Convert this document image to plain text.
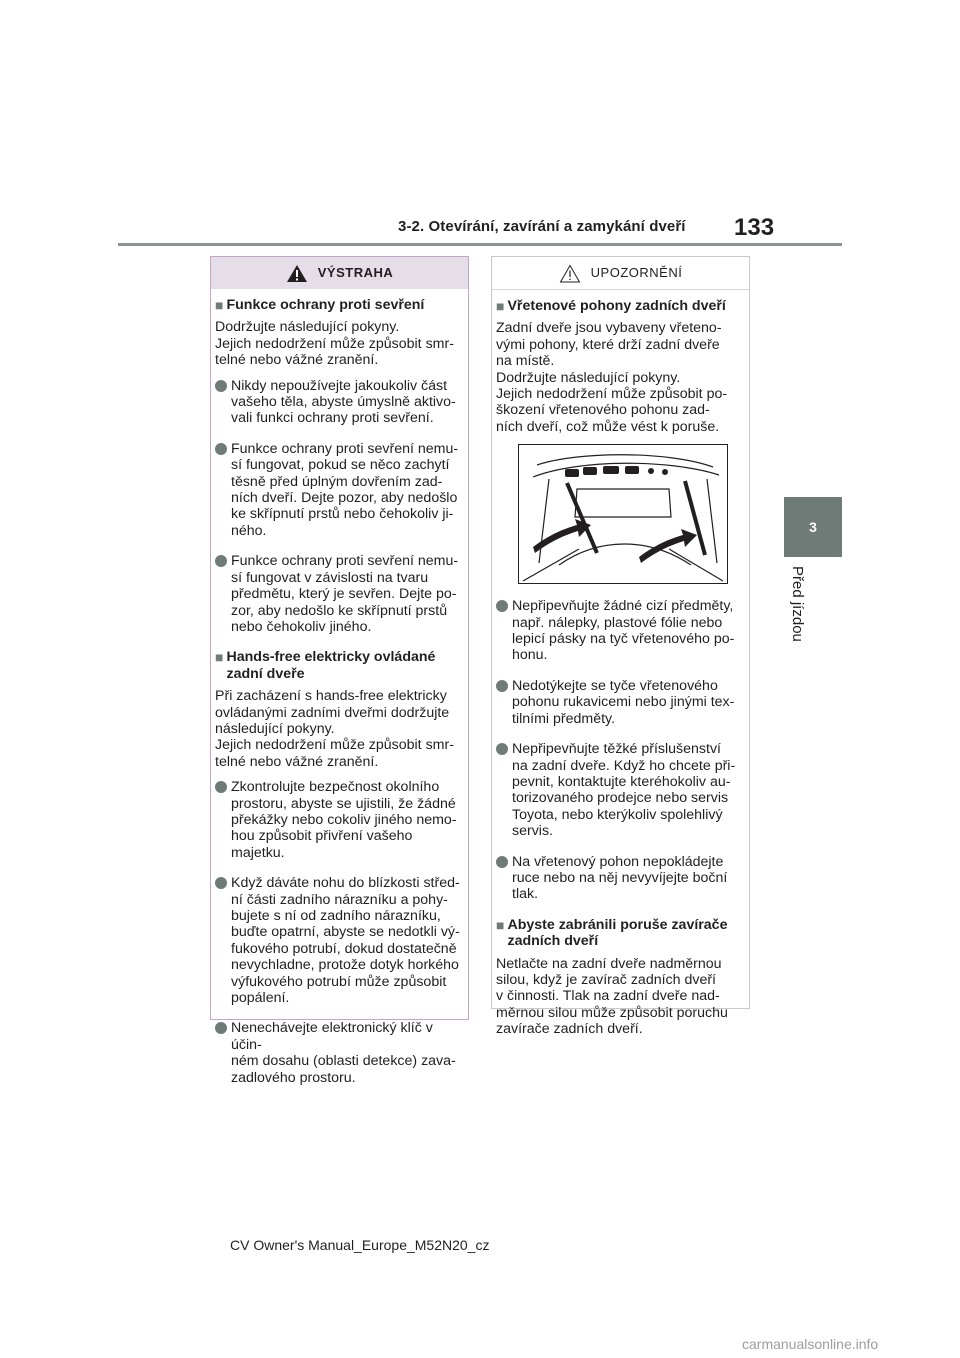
3-2. Otevírání, zavírání a zamykání dveří 133
3
Před jízdou
VÝSTRAHA
■ Funkce ochrany proti sevření
Dodržujte následující pokyny.
Jejich nedodržení může způsobit smr-
telné nebo vážné zranění.
Nikdy nepoužívejte jakoukoliv část
vašeho těla, abyste úmyslně aktivo-
vali funkci ochrany proti sevření.
Funkce ochrany proti sevření nemu-
sí fungovat, pokud se něco zachytí
těsně před úplným dovřením zad-
ních dveří. Dejte pozor, aby nedošlo
ke skřípnutí prstů nebo čehokoliv ji-
ného.
Funkce ochrany proti sevření nemu-
sí fungovat v závislosti na tvaru
předmětu, který je sevřen. Dejte po-
zor, aby nedošlo ke skřípnutí prstů
nebo čehokoliv jiného.
■ Hands-free elektricky ovládané
zadní dveře
Při zacházení s hands-free elektricky
ovládanými zadními dveřmi dodržujte
následující pokyny.
Jejich nedodržení může způsobit smr-
telné nebo vážné zranění.
Zkontrolujte bezpečnost okolního
prostoru, abyste se ujistili, že žádné
překážky nebo cokoliv jiného nemo-
hou způsobit přivření vašeho majetku.
Když dáváte nohu do blízkosti střed-
ní části zadního nárazníku a pohy-
bujete s ní od zadního nárazníku,
buďte opatrní, abyste se nedotkli vý-
fukového potrubí, dokud dostatečně
nevychladne, protože dotyk horkého
výfukového potrubí může způsobit
popálení.
Nenechávejte elektronický klíč v účin-
ném dosahu (oblasti detekce) zava-
zadlového prostoru.
UPOZORNĚNÍ
■ Vřetenové pohony zadních dveří
Zadní dveře jsou vybaveny vřeteno-
vými pohony, které drží zadní dveře
na místě.
Dodržujte následující pokyny.
Jejich nedodržení může způsobit po-
škození vřetenového pohonu zad-
ních dveří, což může vést k poruše.
Nepřipevňujte žádné cizí předměty,
např. nálepky, plastové fólie nebo
lepicí pásky na tyč vřetenového po-
honu.
Nedotýkejte se tyče vřetenového
pohonu rukavicemi nebo jinými tex-
tilními předměty.
Nepřipevňujte těžké příslušenství
na zadní dveře. Když ho chcete při-
pevnit, kontaktujte kteréhokoliv au-
torizovaného prodejce nebo servis
Toyota, nebo kterýkoliv spolehlivý
servis.
Na vřetenový pohon nepokládejte
ruce nebo na něj nevyvíjejte boční
tlak.
■ Abyste zabránili poruše zavírače
zadních dveří
Netlačte na zadní dveře nadměrnou
silou, když je zavírač zadních dveří
v činnosti. Tlak na zadní dveře nad-
měrnou silou může způsobit poruchu
zavírače zadních dveří.
CV Owner's Manual_Europe_M52N20_cz
carmanualsonline.info
